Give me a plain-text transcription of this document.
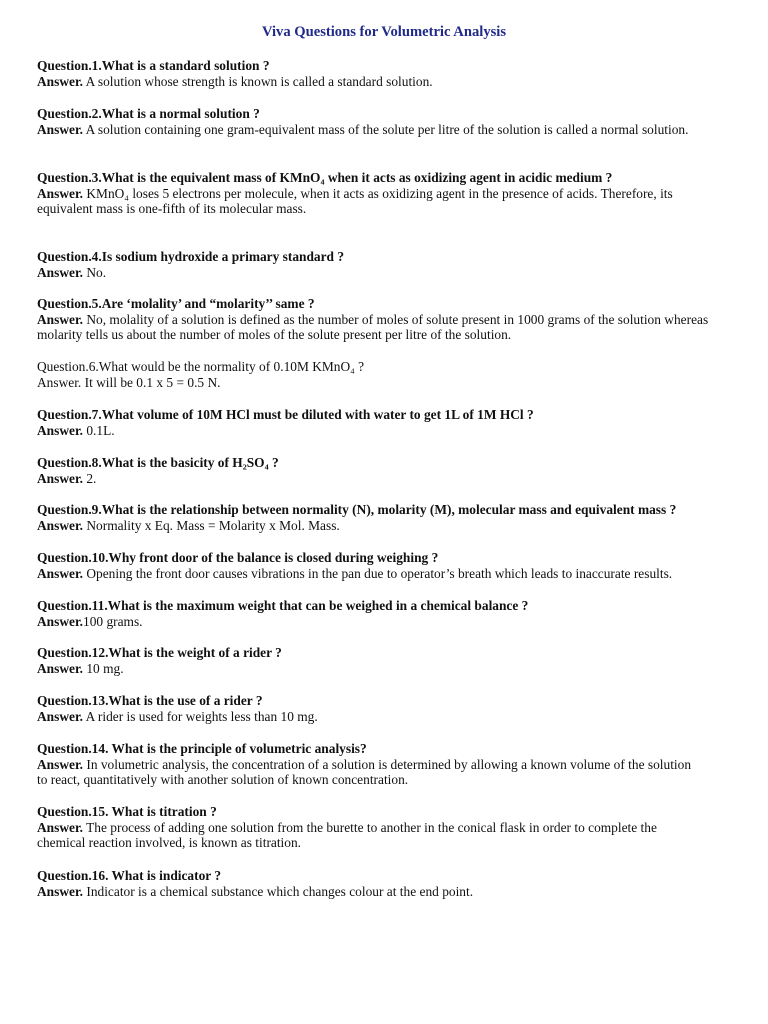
Viva Questions for Volumetric Analysis
Question.1.What is a standard solution ?
Answer. A solution whose strength is known is called a standard solution.
Question.2.What is a normal solution ?
Answer. A solution containing one gram-equivalent mass of the solute per litre of the solution is called a normal solution.
Question.3.What is the equivalent mass of KMnO₄ when it acts as oxidizing agent in acidic medium ?
Answer. KMnO₄ loses 5 electrons per molecule, when it acts as oxidizing agent in the presence of acids. Therefore, its equivalent mass is one-fifth of its molecular mass.
Question.4.Is sodium hydroxide a primary standard ?
Answer. No.
Question.5.Are ‘molality’ and “molarity’’ same ?
Answer. No, molality of a solution is defined as the number of moles of solute present in 1000 grams of the solution whereas molarity tells us about the number of moles of the solute present per litre of the solution.
Question.6.What would be the normality of 0.10M KMnO₄ ?
Answer. It will be 0.1 x 5 = 0.5 N.
Question.7.What volume of 10M HCl must be diluted with water to get 1L of 1M HCl ?
Answer. 0.1L.
Question.8.What is the basicity of H₂SO₄ ?
Answer. 2.
Question.9.What is the relationship between normality (N), molarity (M), molecular mass and equivalent mass ?
Answer. Normality x Eq. Mass = Molarity x Mol. Mass.
Question.10.Why front door of the balance is closed during weighing ?
Answer. Opening the front door causes vibrations in the pan due to operator’s breath which leads to inaccurate results.
Question.11.What is the maximum weight that can be weighed in a chemical balance ?
Answer.100 grams.
Question.12.What is the weight of a rider ?
Answer. 10 mg.
Question.13.What is the use of a rider ?
Answer. A rider is used for weights less than 10 mg.
Question.14. What is the principle of volumetric analysis?
Answer. In volumetric analysis, the concentration of a solution is determined by allowing a known volume of the solution to react, quantitatively with another solution of known concentration.
Question.15. What is titration ?
Answer. The process of adding one solution from the burette to another in the conical flask in order to complete the chemical reaction involved, is known as titration.
Question.16. What is indicator ?
Answer. Indicator is a chemical substance which changes colour at the end point.
